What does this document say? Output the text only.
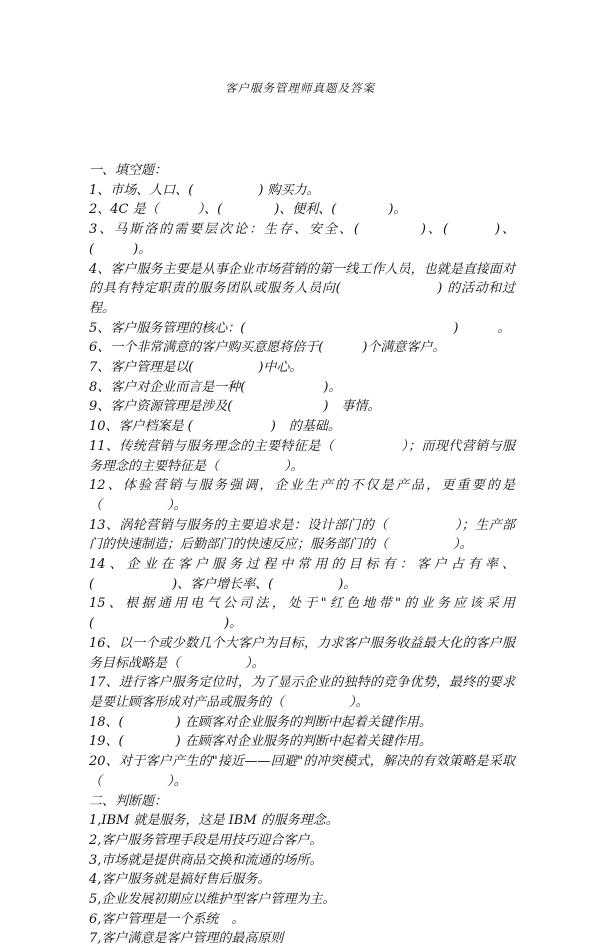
客户服务管理师真题及答案

一、填空题：

1、市场、人口、(　　　　　) 购买力。

2、4C 是（　　　）、(　　　　)、便利、(　　　　)。

3、马斯洛的需要层次论：生存、安全、(　　　　)、(　　　)、(　　　)。

4、客户服务主要是从事企业市场营销的第一线工作人员，也就是直接面对的具有特定职责的服务团队或服务人员向(　　　　　　　) 的活动和过程。

5、客户服务管理的核心：(　　　　　　　　　　　　　　　　)　　　。

6、一个非常满意的客户购买意愿将倍于(　　　)个满意客户。

7、客户管理是以(　　　　　)中心。

8、客户对企业而言是一种(　　　　　　)。

9、客户资源管理是涉及(　　　　　　　)　事情。

10、客户档案是 (　　　　　　)　的基础。

11、传统营销与服务理念的主要特征是（　　　　　）；而现代营销与服务理念的主要特征是（　　　　　）。

12、体验营销与服务强调，企业生产的不仅是产品，更重要的是（　　　　　）。

13、涡轮营销与服务的主要追求是：设计部门的（　　　　　）；生产部门的快速制造；后勤部门的快速反应；服务部门的（　　　　　）。

14、企业在客户服务过程中常用的目标有：客户占有率、(　　　　　　)、客户增长率、(　　　　　)。

15、根据通用电气公司法，处于"红色地带"的业务应该采用(　　　　　　　　　　)。

16、以一个或少数几个大客户为目标，力求客户服务收益最大化的客户服务目标战略是（　　　　　）。

17、进行客户服务定位时，为了显示企业的独特的竞争优势，最终的要求是要让顾客形成对产品或服务的（　　　　　）。

18、(　　　　) 在顾客对企业服务的判断中起着关键作用。

19、(　　　　) 在顾客对企业服务的判断中起着关键作用。

20、对于客户产生的"接近——回避"的冲突模式，解决的有效策略是采取（　　　　　）。

二、判断题：

1,IBM 就是服务，这是 IBM 的服务理念。

2,客户服务管理手段是用技巧迎合客户。

3,市场就是提供商品交换和流通的场所。

4,客户服务就是搞好售后服务。

5,企业发展初期应以维护型客户管理为主。

6,客户管理是一个系统　。

7,客户满意是客户管理的最高原则
